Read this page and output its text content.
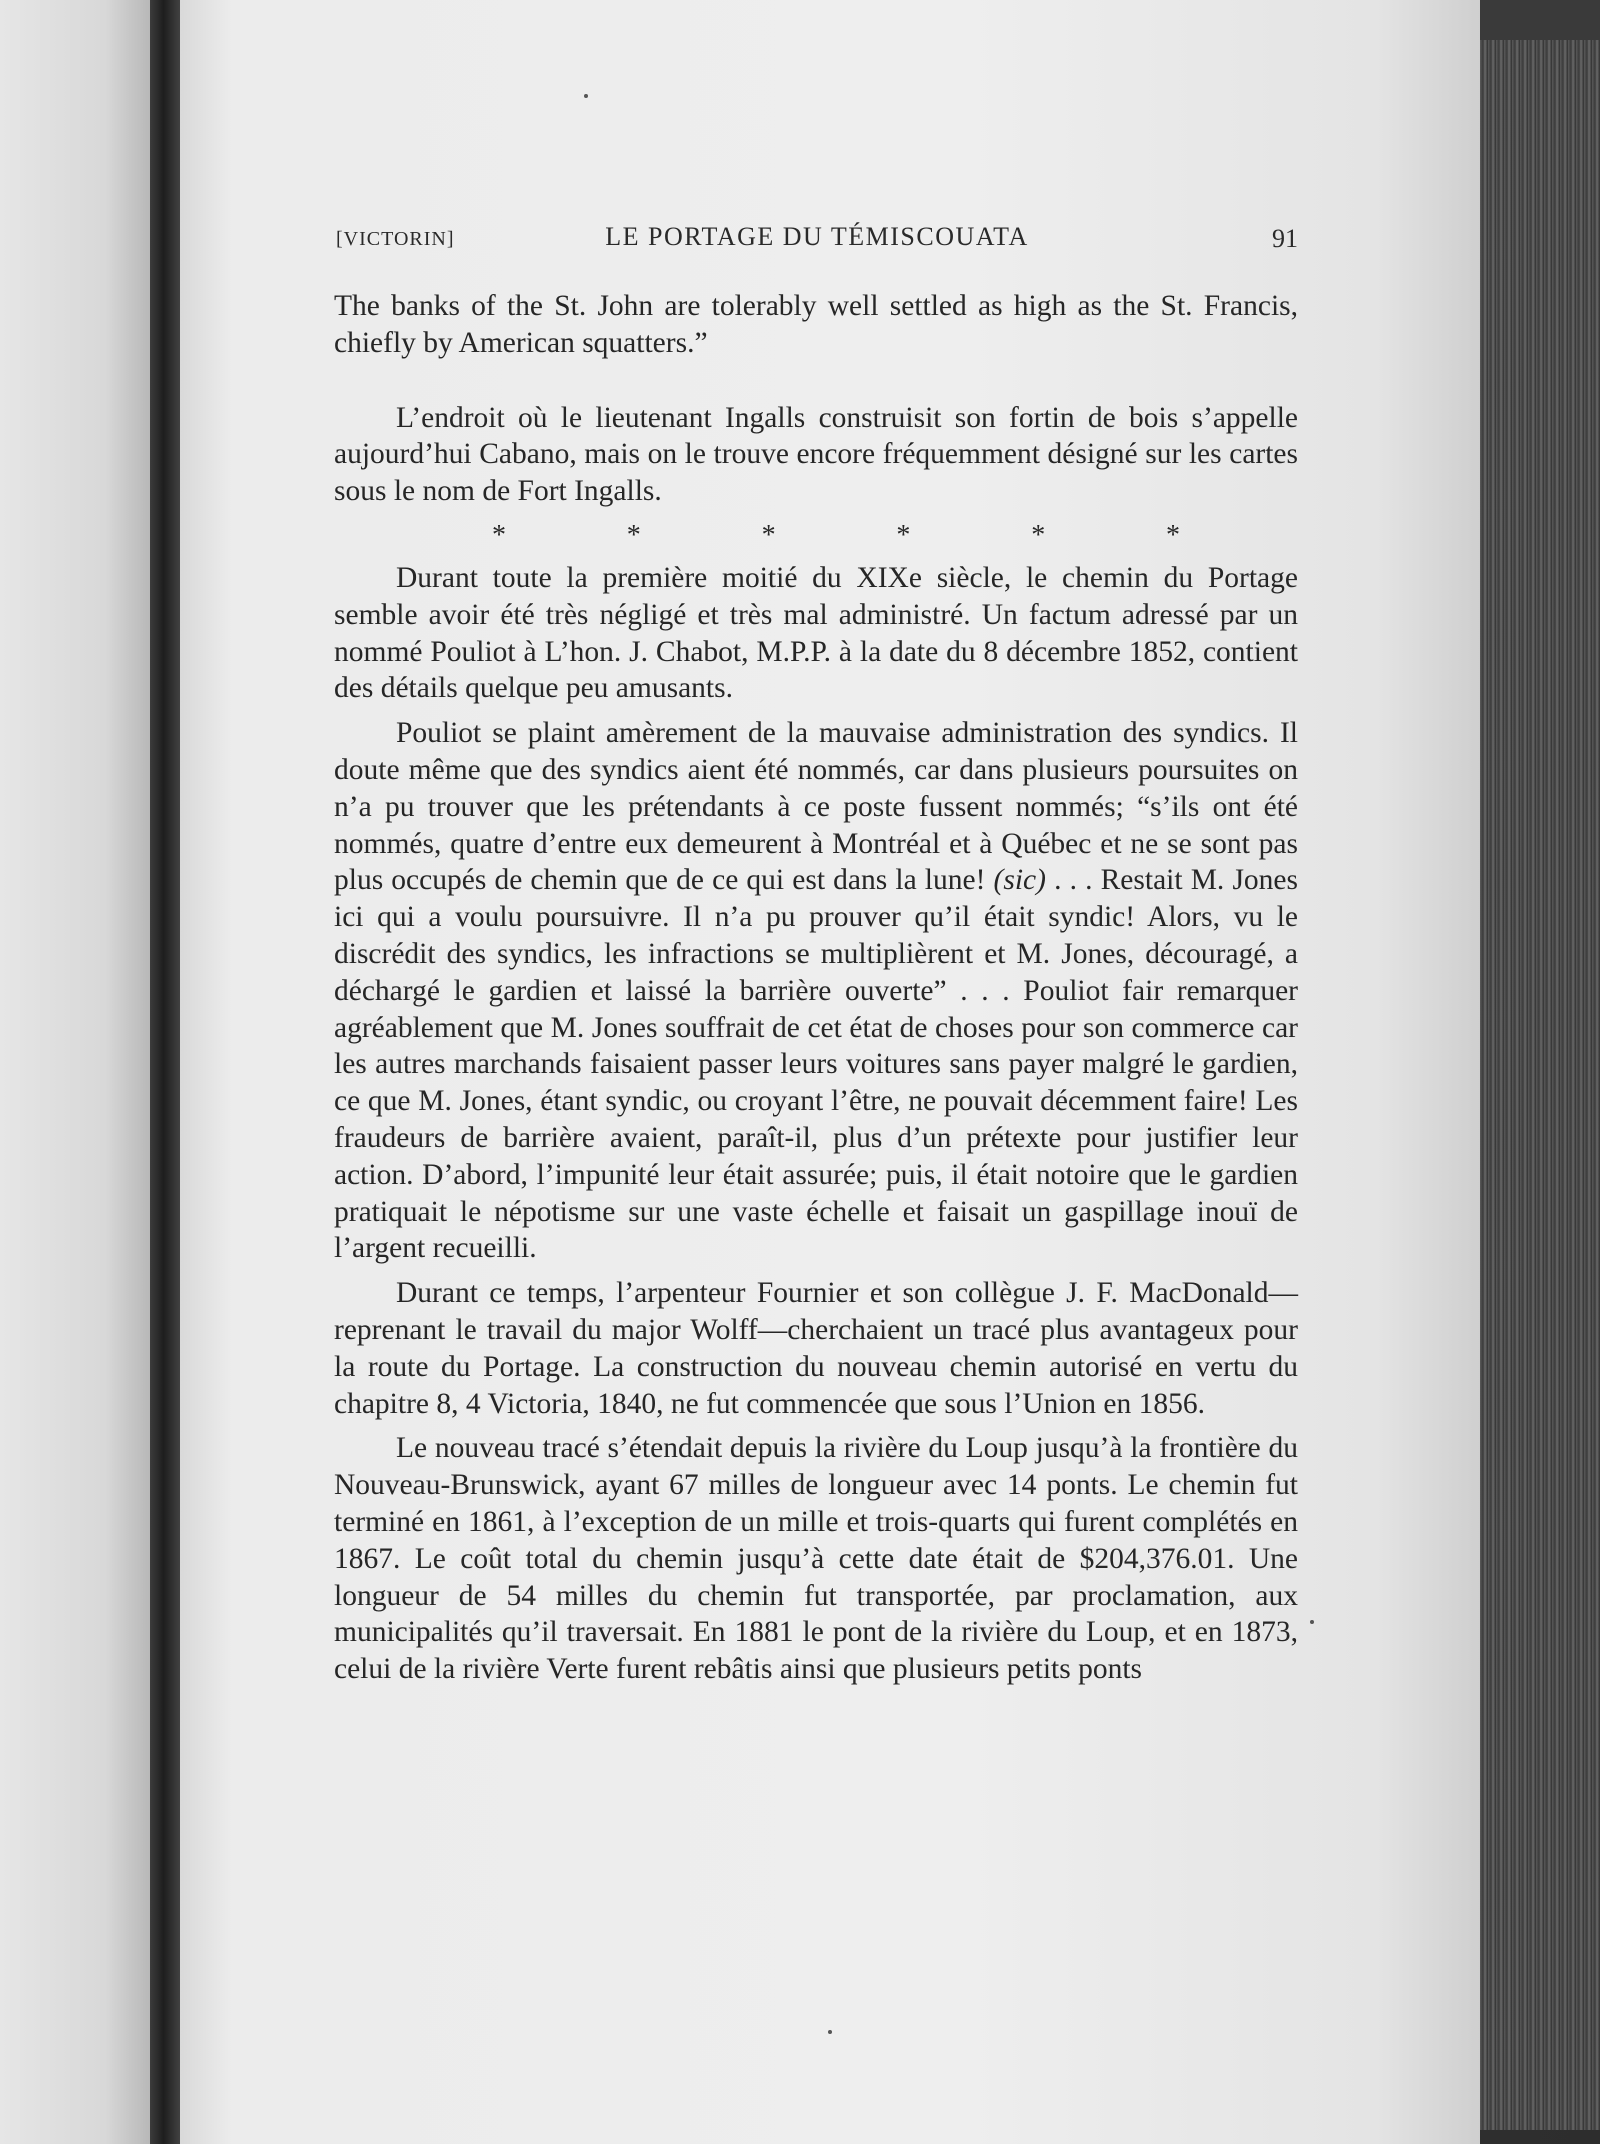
[VICTORIN]	LE PORTAGE DU TÉMISCOUATA	91

The banks of the St. John are tolerably well settled as high as the St. Francis, chiefly by American squatters.”

L’endroit où le lieutenant Ingalls construisit son fortin de bois s’appelle aujourd’hui Cabano, mais on le trouve encore fréquemment désigné sur les cartes sous le nom de Fort Ingalls.

*	*	*	*	*	*

Durant toute la première moitié du XIXe siècle, le chemin du Portage semble avoir été très négligé et très mal administré. Un factum adressé par un nommé Pouliot à L’hon. J. Chabot, M.P.P. à la date du 8 décembre 1852, contient des détails quelque peu amusants.

Pouliot se plaint amèrement de la mauvaise administration des syndics. Il doute même que des syndics aient été nommés, car dans plusieurs poursuites on n’a pu trouver que les prétendants à ce poste fussent nommés; “s’ils ont été nommés, quatre d’entre eux demeurent à Montréal et à Québec et ne se sont pas plus occupés de chemin que de ce qui est dans la lune! (sic) . . . Restait M. Jones ici qui a voulu poursuivre. Il n’a pu prouver qu’il était syndic! Alors, vu le discrédit des syndics, les infractions se multiplièrent et M. Jones, découragé, a déchargé le gardien et laissé la barrière ouverte” . . . Pouliot fair remarquer agréablement que M. Jones souffrait de cet état de choses pour son commerce car les autres marchands faisaient passer leurs voitures sans payer malgré le gardien, ce que M. Jones, étant syndic, ou croyant l’être, ne pouvait décemment faire! Les fraudeurs de barrière avaient, paraît-il, plus d’un prétexte pour justifier leur action. D’abord, l’impunité leur était assurée; puis, il était notoire que le gardien pratiquait le népotisme sur une vaste échelle et faisait un gaspillage inouï de l’argent recueilli.

Durant ce temps, l’arpenteur Fournier et son collègue J. F. MacDonald—reprenant le travail du major Wolff—cherchaient un tracé plus avantageux pour la route du Portage. La construction du nouveau chemin autorisé en vertu du chapitre 8, 4 Victoria, 1840, ne fut commencée que sous l’Union en 1856.

Le nouveau tracé s’étendait depuis la rivière du Loup jusqu’à la frontière du Nouveau-Brunswick, ayant 67 milles de longueur avec 14 ponts. Le chemin fut terminé en 1861, à l’exception de un mille et trois-quarts qui furent complétés en 1867. Le coût total du chemin jusqu’à cette date était de $204,376.01. Une longueur de 54 milles du chemin fut transportée, par proclamation, aux municipalités qu’il traversait. En 1881 le pont de la rivière du Loup, et en 1873, celui de la rivière Verte furent rebâtis ainsi que plusieurs petits ponts
